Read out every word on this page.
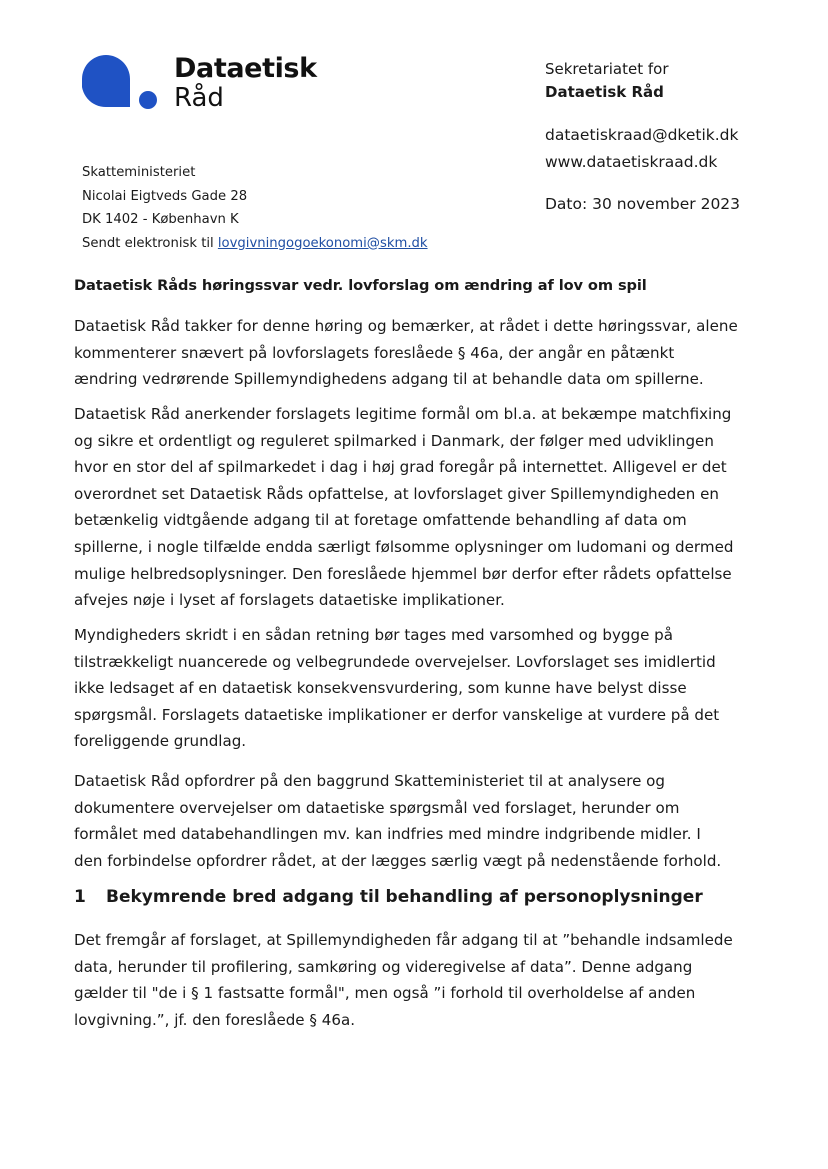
Dataetisk
Råd
Sekretariatet for
Dataetisk Råd
dataetiskraad@dketik.dk
www.dataetiskraad.dk
Dato: 30 november 2023
Skatteministeriet
Nicolai Eigtveds Gade 28
DK 1402 - København K
Sendt elektronisk til lovgivningogoekonomi@skm.dk
Dataetisk Råds høringssvar vedr. lovforslag om ændring af lov om spil

Dataetisk Råd takker for denne høring og bemærker, at rådet i dette høringssvar, alene
kommenterer snævert på lovforslagets foreslåede § 46a, der angår en påtænkt
ændring vedrørende Spillemyndighedens adgang til at behandle data om spillerne.

Dataetisk Råd anerkender forslagets legitime formål om bl.a. at bekæmpe matchfixing
og sikre et ordentligt og reguleret spilmarked i Danmark, der følger med udviklingen
hvor en stor del af spilmarkedet i dag i høj grad foregår på internettet. Alligevel er det
overordnet set Dataetisk Råds opfattelse, at lovforslaget giver Spillemyndigheden en
betænkelig vidtgående adgang til at foretage omfattende behandling af data om
spillerne, i nogle tilfælde endda særligt følsomme oplysninger om ludomani og dermed
mulige helbredsoplysninger. Den foreslåede hjemmel bør derfor efter rådets opfattelse
afvejes nøje i lyset af forslagets dataetiske implikationer.

Myndigheders skridt i en sådan retning bør tages med varsomhed og bygge på
tilstrækkeligt nuancerede og velbegrundede overvejelser. Lovforslaget ses imidlertid
ikke ledsaget af en dataetisk konsekvensvurdering, som kunne have belyst disse
spørgsmål. Forslagets dataetiske implikationer er derfor vanskelige at vurdere på det
foreliggende grundlag.

Dataetisk Råd opfordrer på den baggrund Skatteministeriet til at analysere og
dokumentere overvejelser om dataetiske spørgsmål ved forslaget, herunder om
formålet med databehandlingen mv. kan indfries med mindre indgribende midler. I
den forbindelse opfordrer rådet, at der lægges særlig vægt på nedenstående forhold.

1 Bekymrende bred adgang til behandling af personoplysninger

Det fremgår af forslaget, at Spillemyndigheden får adgang til at ”behandle indsamlede
data, herunder til profilering, samkøring og videregivelse af data”. Denne adgang
gælder til "de i § 1 fastsatte formål", men også ”i forhold til overholdelse af anden
lovgivning.”, jf. den foreslåede § 46a.
